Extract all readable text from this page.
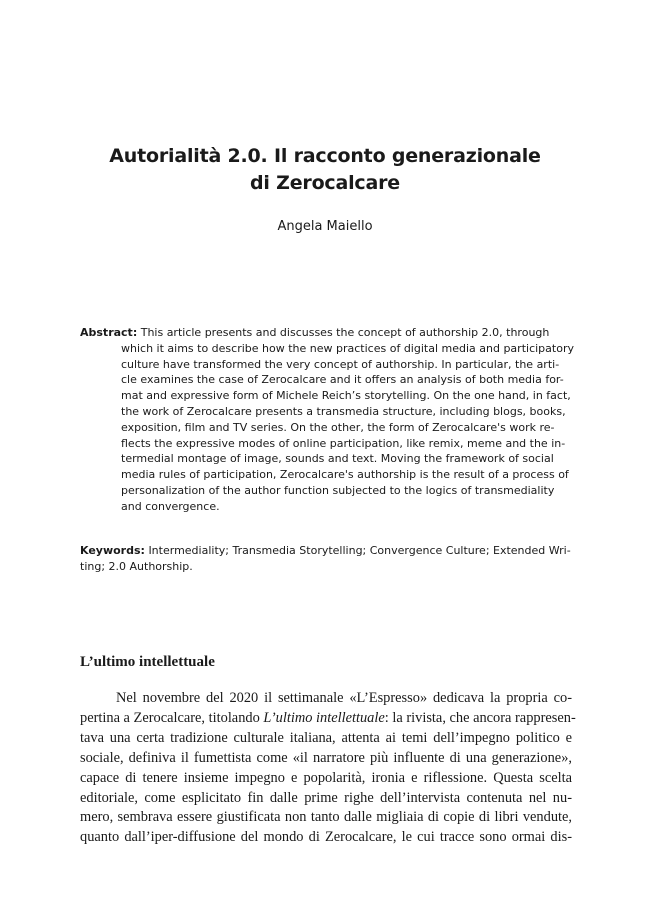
Autorialità 2.0. Il racconto generazionale
di Zerocalcare
Angela Maiello
Abstract: This article presents and discusses the concept of authorship 2.0, through
which it aims to describe how the new practices of digital media and participatory
culture have transformed the very concept of authorship. In particular, the arti-
cle examines the case of Zerocalcare and it offers an analysis of both media for-
mat and expressive form of Michele Reich’s storytelling. On the one hand, in fact,
the work of Zerocalcare presents a transmedia structure, including blogs, books,
exposition, film and TV series. On the other, the form of Zerocalcare's work re-
flects the expressive modes of online participation, like remix, meme and the in-
termedial montage of image, sounds and text. Moving the framework of social
media rules of participation, Zerocalcare's authorship is the result of a process of
personalization of the author function subjected to the logics of transmediality
and convergence.
Keywords: Intermediality; Transmedia Storytelling; Convergence Culture; Extended Wri-
ting; 2.0 Authorship.
L’ultimo intellettuale
Nel novembre del 2020 il settimanale «L’Espresso» dedicava la propria co-
pertina a Zerocalcare, titolando L’ultimo intellettuale: la rivista, che ancora rappresen-
tava una certa tradizione culturale italiana, attenta ai temi dell’impegno politico e
sociale, definiva il fumettista come «il narratore più influente di una generazione»,
capace di tenere insieme impegno e popolarità, ironia e riflessione. Questa scelta
editoriale, come esplicitato fin dalle prime righe dell’intervista contenuta nel nu-
mero, sembrava essere giustificata non tanto dalle migliaia di copie di libri vendute,
quanto dall’iper-diffusione del mondo di Zerocalcare, le cui tracce sono ormai dis-
